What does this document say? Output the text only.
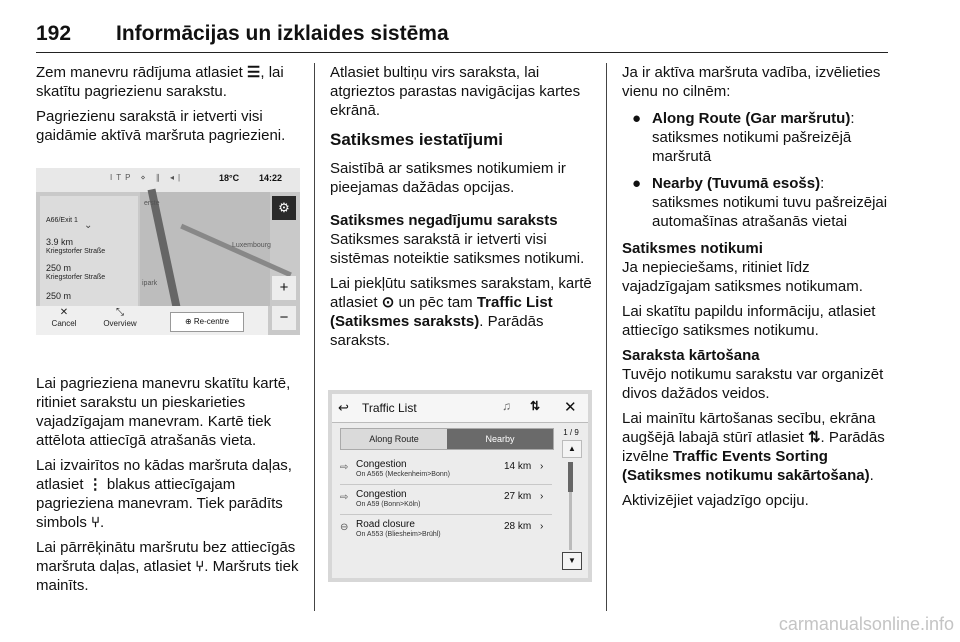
192 Informācijas un izklaides sistēma

Zem manevru rādījuma atlasiet ☰, lai skatītu pagriezienu sarakstu.

Pagriezienu sarakstā ir ietverti visi gaidāmie aktīvā maršruta pagriezieni.

ITP ⋄ ∥ ◂|	18°C 14:22
erste
Luxembourg
ipark
⌄
A66/Exit 1
3.9 km
Kriegstorfer Straße
250 m
Kriegstorfer Straße
250 m
⚙
+
−
✕
Cancel
⤡
Overview	⊕ Re-centre

Lai pagrieziena manevru skatītu kartē, ritiniet sarakstu un pieskarieties vajadzīgajam manevram. Kartē tiek attēlota attiecīgā atrašanās vieta.

Lai izvairītos no kādas maršruta daļas, atlasiet ⋮ blakus attiecīgajam pagrieziena manevram. Tiek parādīts simbols ⑂.

Lai pārrēķinātu maršrutu bez attiecīgās maršruta daļas, atlasiet ⑂. Maršruts tiek mainīts.

Atlasiet bultiņu virs saraksta, lai atgrieztos parastas navigācijas kartes ekrānā.

Satiksmes iestatījumi

Saistībā ar satiksmes notikumiem ir pieejamas dažādas opcijas.

Satiksmes negadījumu saraksts

Satiksmes sarakstā ir ietverti visi sistēmas noteiktie satiksmes notikumi.

Lai piekļūtu satiksmes sarakstam, kartē atlasiet ⊙ un pēc tam Traffic List (Satiksmes saraksts). Parādās saraksts.

↩ Traffic List	♫ ⇅ ✕
Along Route	Nearby
⇨ Congestion
On A565 (Meckenheim>Bonn)
14 km ›
⇨ Congestion
On A59 (Bonn>Köln)
27 km ›
⊖ Road closure
On A553 (Bliesheim>Brühl)
28 km ›
1 / 9
▲
▼

Ja ir aktīva maršruta vadība, izvēlieties vienu no cilnēm:

● Along Route (Gar maršrutu): satiksmes notikumi pašreizējā maršrutā
● Nearby (Tuvumā esošs): satiksmes notikumi tuvu pašreizējai automašīnas atrašanās vietai

Satiksmes notikumi

Ja nepieciešams, ritiniet līdz vajadzīgajam satiksmes notikumam.

Lai skatītu papildu informāciju, atlasiet attiecīgo satiksmes notikumu.

Saraksta kārtošana

Tuvējo notikumu sarakstu var organizēt divos dažādos veidos.

Lai mainītu kārtošanas secību, ekrāna augšējā labajā stūrī atlasiet ⇅. Parādās izvēlne Traffic Events Sorting (Satiksmes notikumu sakārtošana).

Aktivizējiet vajadzīgo opciju.

carmanualsonline.info
